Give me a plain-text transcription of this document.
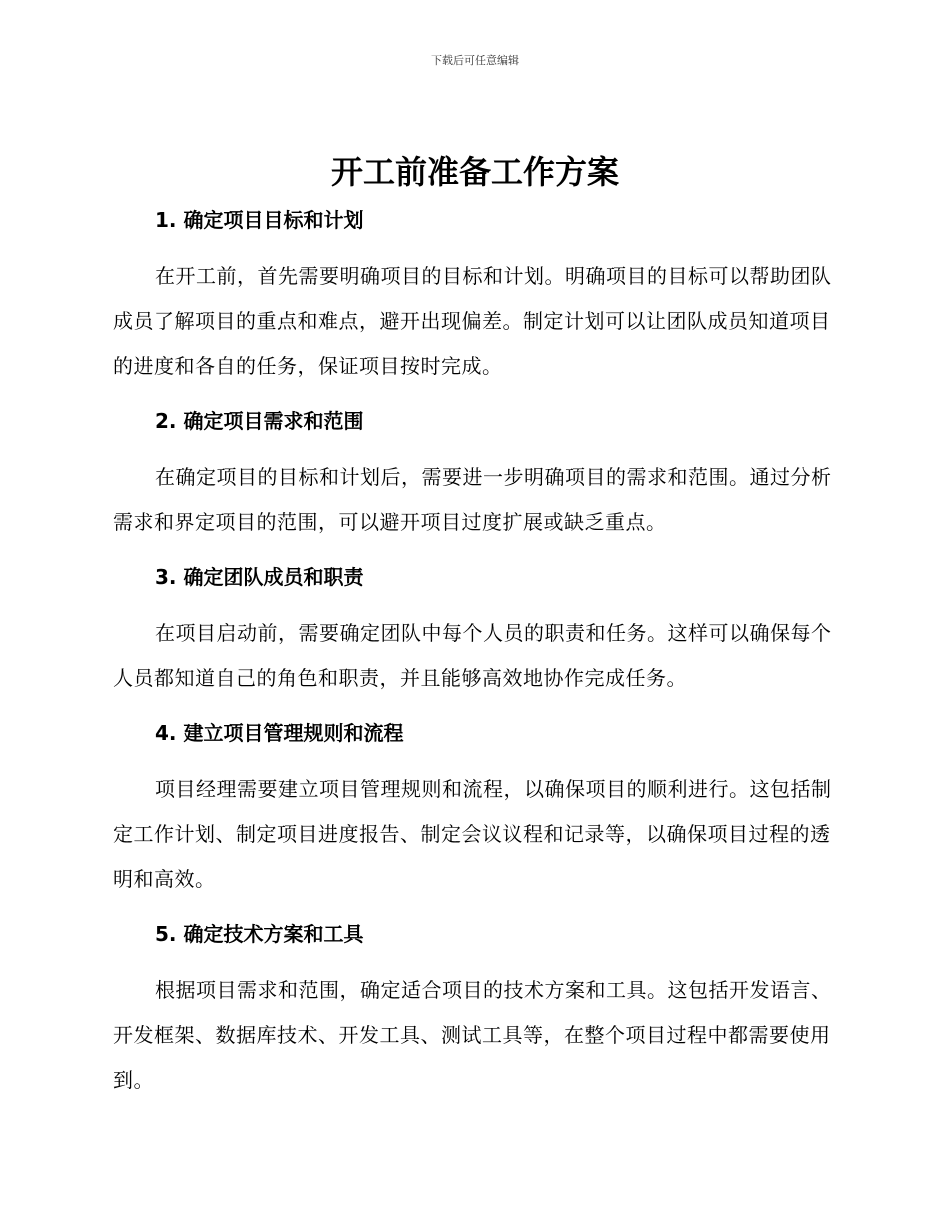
下载后可任意编辑
开工前准备工作方案
1. 确定项目目标和计划

在开工前，首先需要明确项目的目标和计划。明确项目的目标可以帮助团队成员了解项目的重点和难点，避开出现偏差。制定计划可以让团队成员知道项目的进度和各自的任务，保证项目按时完成。

2. 确定项目需求和范围

在确定项目的目标和计划后，需要进一步明确项目的需求和范围。通过分析需求和界定项目的范围，可以避开项目过度扩展或缺乏重点。

3. 确定团队成员和职责

在项目启动前，需要确定团队中每个人员的职责和任务。这样可以确保每个人员都知道自己的角色和职责，并且能够高效地协作完成任务。

4. 建立项目管理规则和流程

项目经理需要建立项目管理规则和流程，以确保项目的顺利进行。这包括制定工作计划、制定项目进度报告、制定会议议程和记录等，以确保项目过程的透明和高效。

5. 确定技术方案和工具

根据项目需求和范围，确定适合项目的技术方案和工具。这包括开发语言、开发框架、数据库技术、开发工具、测试工具等，在整个项目过程中都需要使用到。
